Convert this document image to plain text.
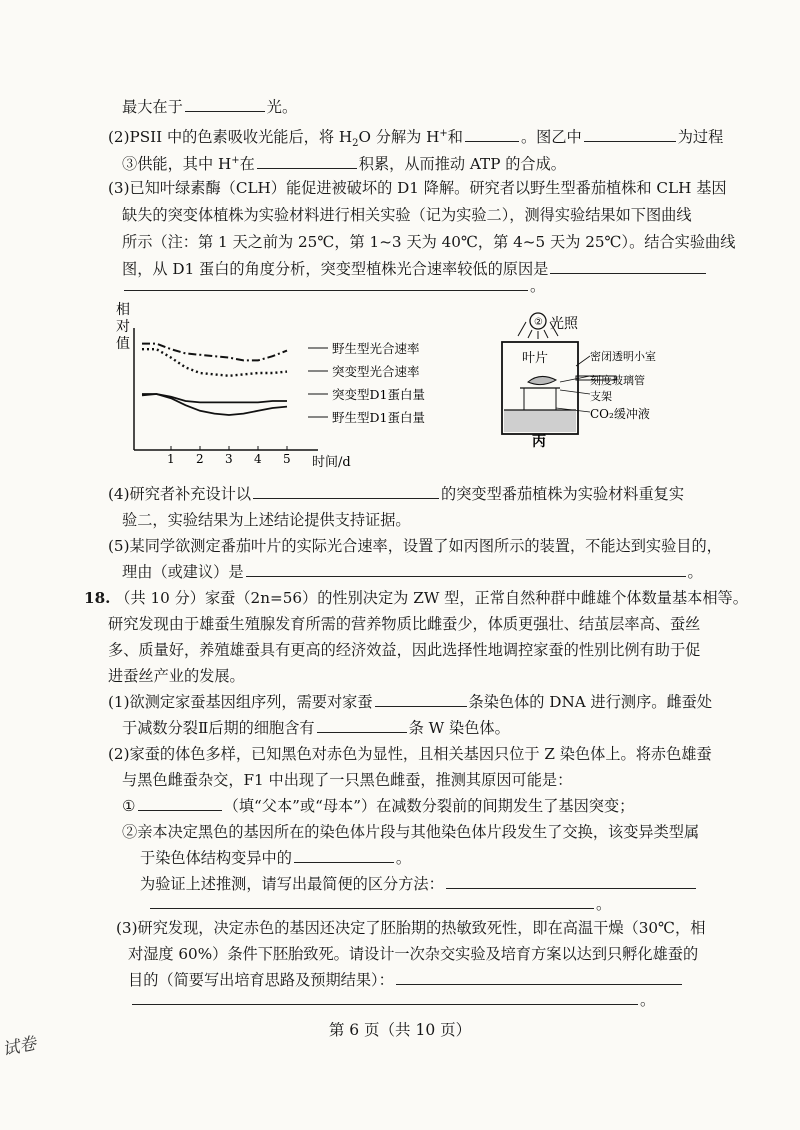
最大在于	光。
(2)PSII 中的色素吸收光能后，将 $H_2O$ 分解为 H+和	。图乙中	为过程
③供能，其中 H+在	积累，从而推动 ATP 的合成。
(3)已知叶绿素酶（CLH）能促进被破坏的 D1 降解。研究者以野生型番茄植株和 CLH 基因
缺失的突变体植株为实验材料进行相关实验（记为实验二），测得实验结果如下图曲线
所示（注：第 1 天之前为 25℃，第 1~3 天为 40℃，第 4~5 天为 25℃）。结合实验曲线
图，从 D1 蛋白的角度分析，突变型植株光合速率较低的原因是
。
相对值
1 2 3 4 5 时间/d
野生型光合速率
突变型光合速率
突变型D1蛋白量
野生型D1蛋白量
② 光照
叶片	密闭透明小室
刻度玻璃管
支架
CO₂缓冲液
丙
(4)研究者补充设计以	的突变型番茄植株为实验材料重复实
验二，实验结果为上述结论提供支持证据。
(5)某同学欲测定番茄叶片的实际光合速率，设置了如丙图所示的装置，不能达到实验目的，
理由（或建议）是	。
18. （共 10 分）家蚕（2n=56）的性别决定为 ZW 型，正常自然种群中雌雄个体数量基本相等。
研究发现由于雄蚕生殖腺发育所需的营养物质比雌蚕少，体质更强壮、结茧层率高、蚕丝
多、质量好，养殖雄蚕具有更高的经济效益，因此选择性地调控家蚕的性别比例有助于促
进蚕丝产业的发展。
(1)欲测定家蚕基因组序列，需要对家蚕	条染色体的 DNA 进行测序。雌蚕处
于减数分裂Ⅱ后期的细胞含有	条 W 染色体。
(2)家蚕的体色多样，已知黑色对赤色为显性，且相关基因只位于 Z 染色体上。将赤色雄蚕
与黑色雌蚕杂交，F1 中出现了一只黑色雌蚕，推测其原因可能是：
①	（填“父本”或“母本”）在减数分裂前的间期发生了基因突变；
②亲本决定黑色的基因所在的染色体片段与其他染色体片段发生了交换，该变异类型属
于染色体结构变异中的	。
为验证上述推测，请写出最简便的区分方法：
。
(3)研究发现，决定赤色的基因还决定了胚胎期的热敏致死性，即在高温干燥（30℃，相
对湿度 60%）条件下胚胎致死。请设计一次杂交实验及培育方案以达到只孵化雄蚕的
目的（简要写出培育思路及预期结果）：
。
第 6 页（共 10 页）
试卷
